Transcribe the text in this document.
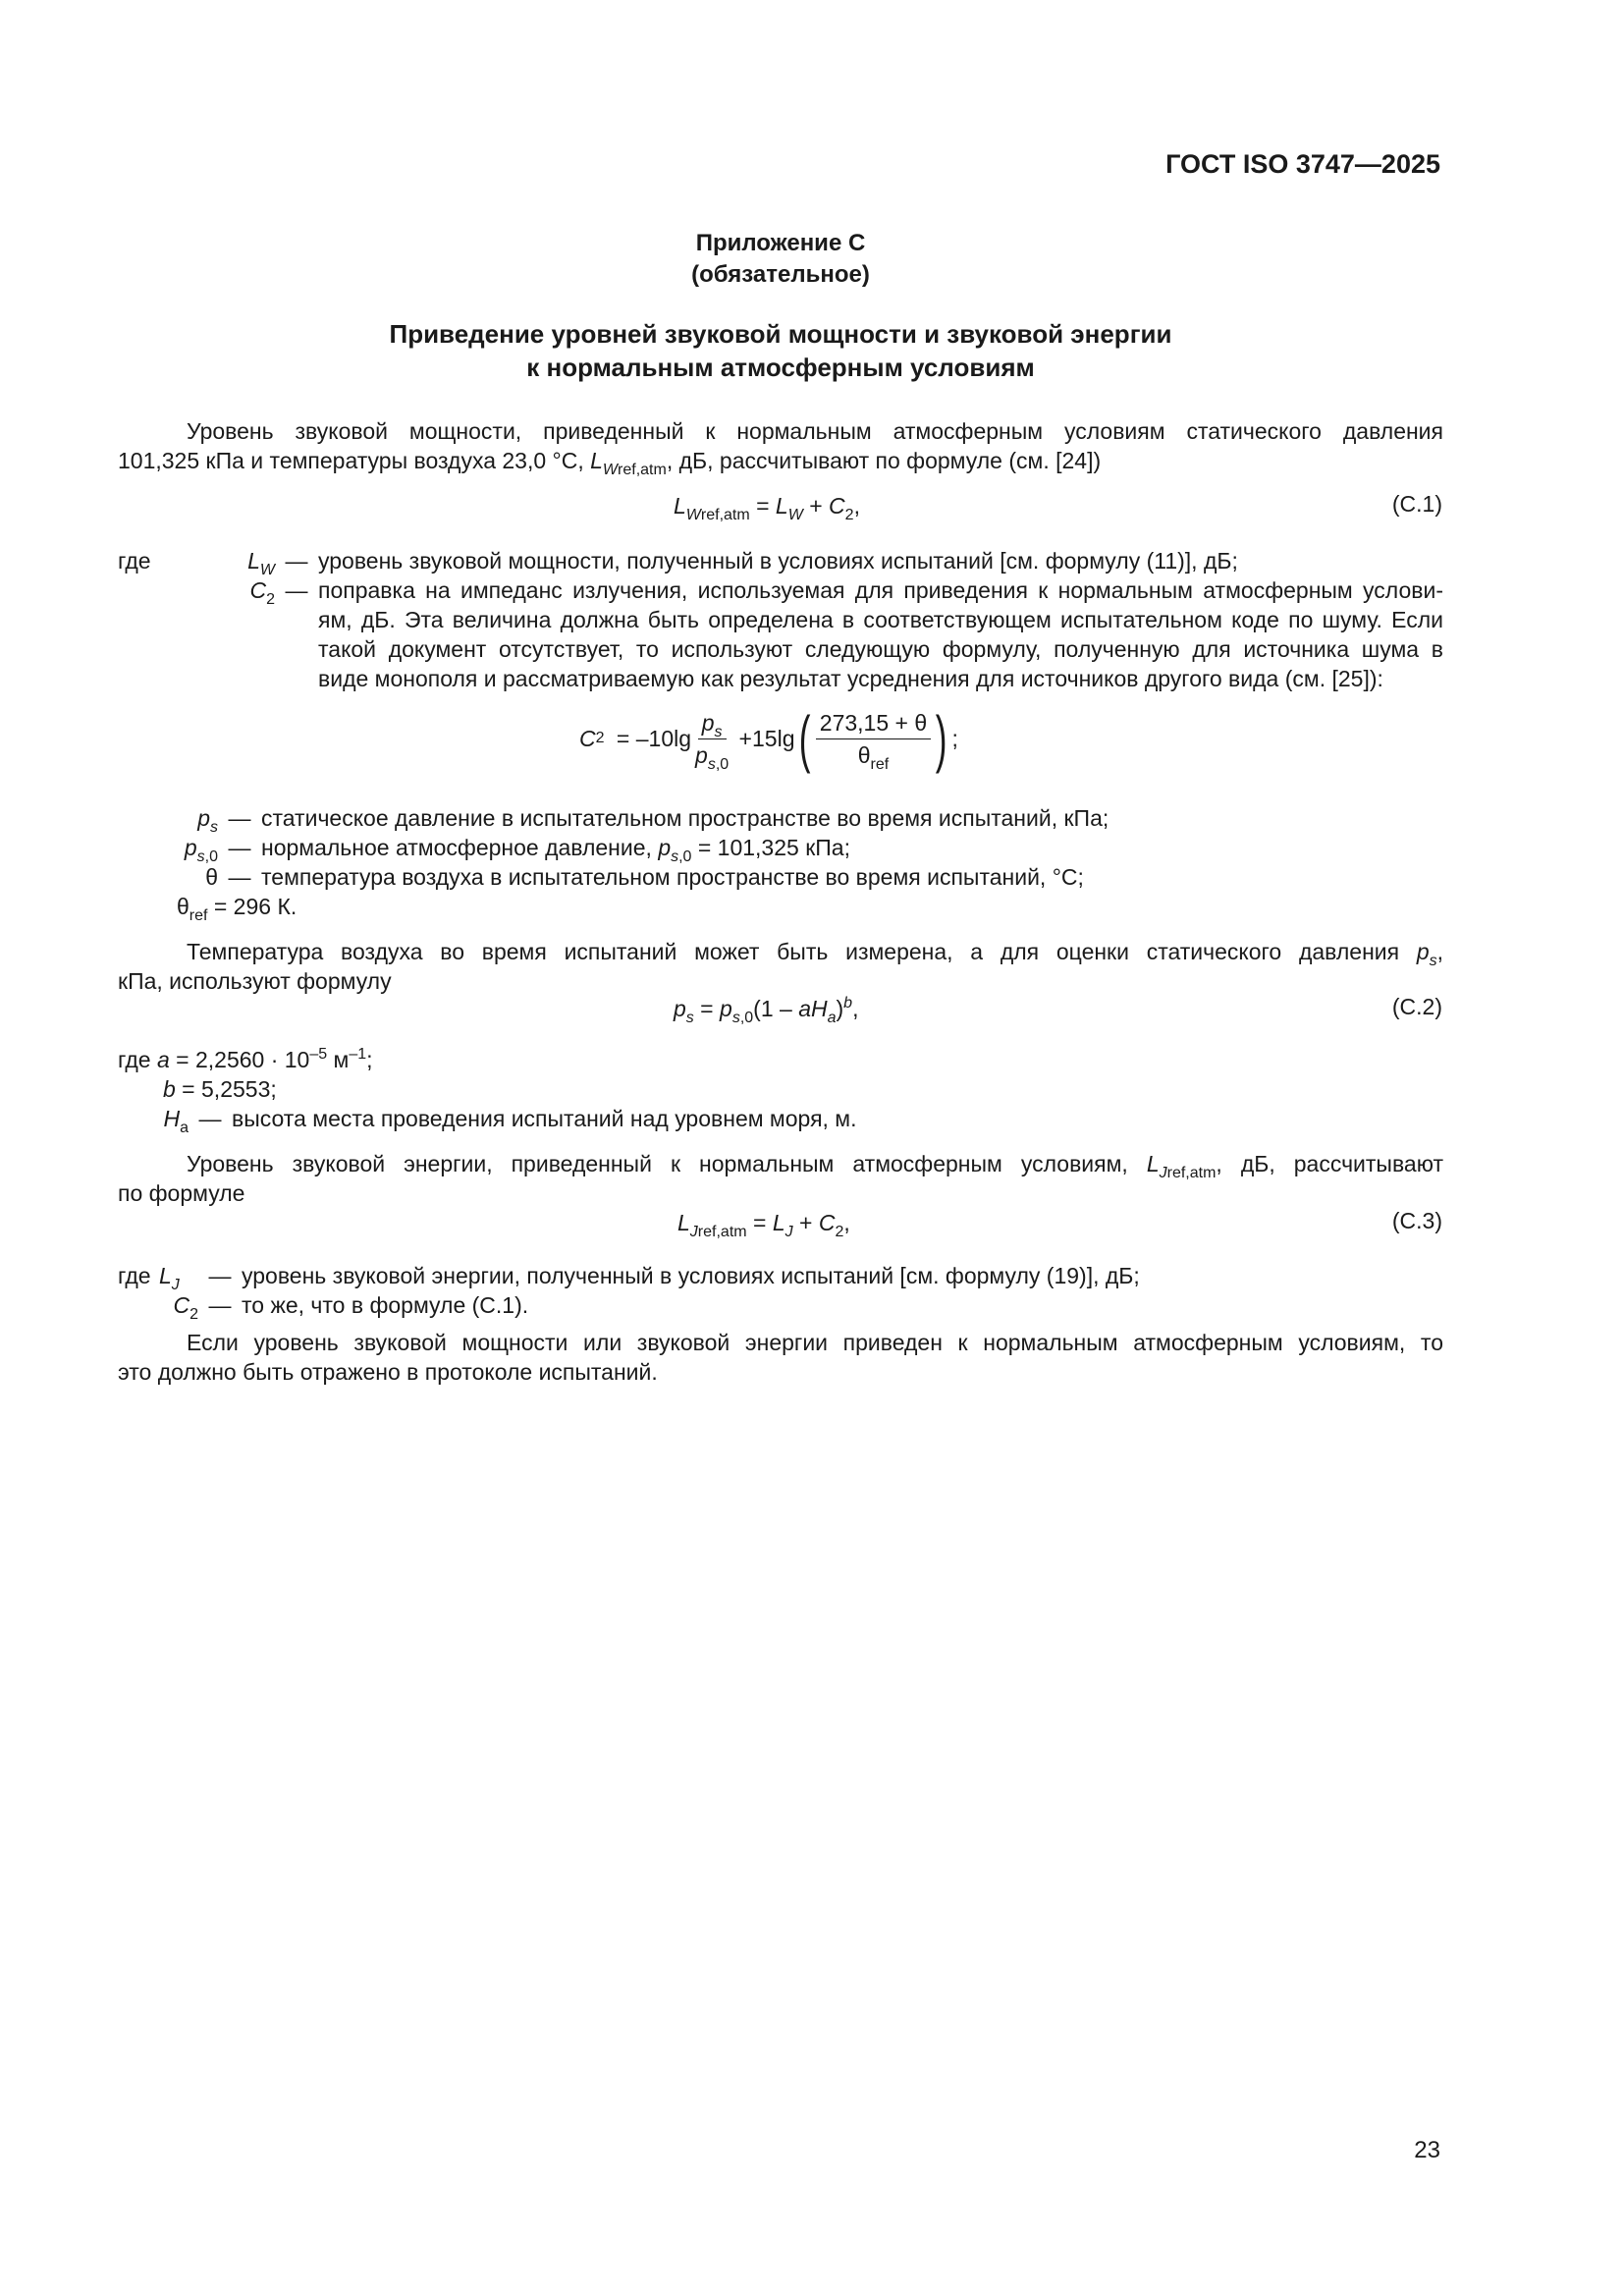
ГОСТ ISO 3747—2025
Приложение С
(обязательное)
Приведение уровней звуковой мощности и звуковой энергии
к нормальным атмосферным условиям
Уровень звуковой мощности, приведенный к нормальным атмосферным условиям статического давления
101,325 кПа и температуры воздуха 23,0 °С, $L_{Wref,atm}$, дБ, рассчитывают по формуле (см. [24])
$L_{Wref,atm} = L_W + C_2$,	(С.1)
где	$L_W$ — уровень звуковой мощности, полученный в условиях испытаний [см. формулу (11)], дБ;
$C_2$ — поправка на импеданс излучения, используемая для приведения к нормальным атмосферным услови-
ям, дБ. Эта величина должна быть определена в соответствующем испытательном коде по шуму. Если
такой документ отсутствует, то используют следующую формулу, полученную для источника шума в
виде монополя и рассматриваемую как результат усреднения для источников другого вида (см. [25]):
C 2 = – $10\lg \frac{p_s}{p_{s,0}} + 15\lg$ ( $\frac{273,15 + \theta}{\theta_{ref}}$ ) ;
$p_s$ — статическое давление в испытательном пространстве во время испытаний, кПа;
$p_{s,0}$ — нормальное атмосферное давление, $p_{s,0} = 101,325$ кПа;
θ — температура воздуха в испытательном пространстве во время испытаний, °С;
$\theta_{ref} = 296$ К.
Температура воздуха во время испытаний может быть измерена, а для оценки статического давления $p_s$,
кПа, используют формулу
$p_s = p_{s,0}(1 - aH_a)^b$,	(С.2)
где $a = 2,2560 \cdot 10^{-5}$ $м^{-1}$;
b = 5,2553;
$H_a$ — высота места проведения испытаний над уровнем моря, м.
Уровень звуковой энергии, приведенный к нормальным атмосферным условиям, $L_{Jref,atm}$, дБ, рассчитывают
по формуле
$L_{Jref,atm} = L_J + C_2$,	(С.3)
где $L_J$	— уровень звуковой энергии, полученный в условиях испытаний [см. формулу (19)], дБ;
$C_2$ — то же, что в формуле (С.1).
Если уровень звуковой мощности или звуковой энергии приведен к нормальным атмосферным условиям, то
это должно быть отражено в протоколе испытаний.
23
